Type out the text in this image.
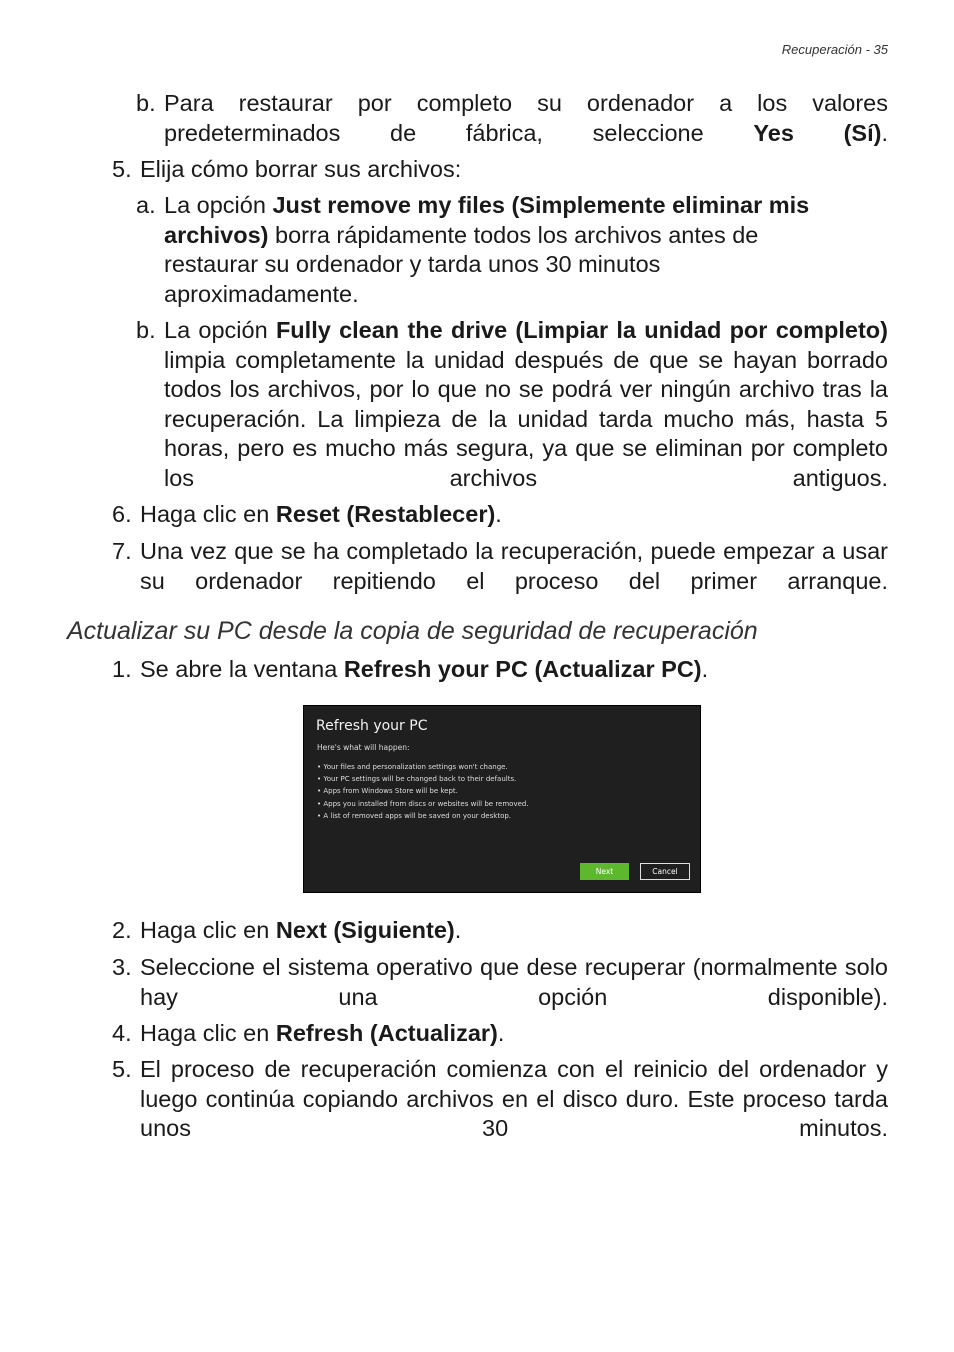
Recuperación - 35
b. Para restaurar por completo su ordenador a los valores predeterminados de fábrica, seleccione Yes (Sí).
5. Elija cómo borrar sus archivos:
a. La opción Just remove my files (Simplemente eliminar mis archivos) borra rápidamente todos los archivos antes de restaurar su ordenador y tarda unos 30 minutos aproximadamente.
b. La opción Fully clean the drive (Limpiar la unidad por completo) limpia completamente la unidad después de que se hayan borrado todos los archivos, por lo que no se podrá ver ningún archivo tras la recuperación. La limpieza de la unidad tarda mucho más, hasta 5 horas, pero es mucho más segura, ya que se eliminan por completo los archivos antiguos.
6. Haga clic en Reset (Restablecer).
7. Una vez que se ha completado la recuperación, puede empezar a usar su ordenador repitiendo el proceso del primer arranque.
Actualizar su PC desde la copia de seguridad de recuperación
1. Se abre la ventana Refresh your PC (Actualizar PC).
Refresh your PC
Here's what will happen:
• Your files and personalization settings won't change.
• Your PC settings will be changed back to their defaults.
• Apps from Windows Store will be kept.
• Apps you installed from discs or websites will be removed.
• A list of removed apps will be saved on your desktop.
Next	Cancel
2. Haga clic en Next (Siguiente).
3. Seleccione el sistema operativo que dese recuperar (normalmente solo hay una opción disponible).
4. Haga clic en Refresh (Actualizar).
5. El proceso de recuperación comienza con el reinicio del ordenador y luego continúa copiando archivos en el disco duro. Este proceso tarda unos 30 minutos.
